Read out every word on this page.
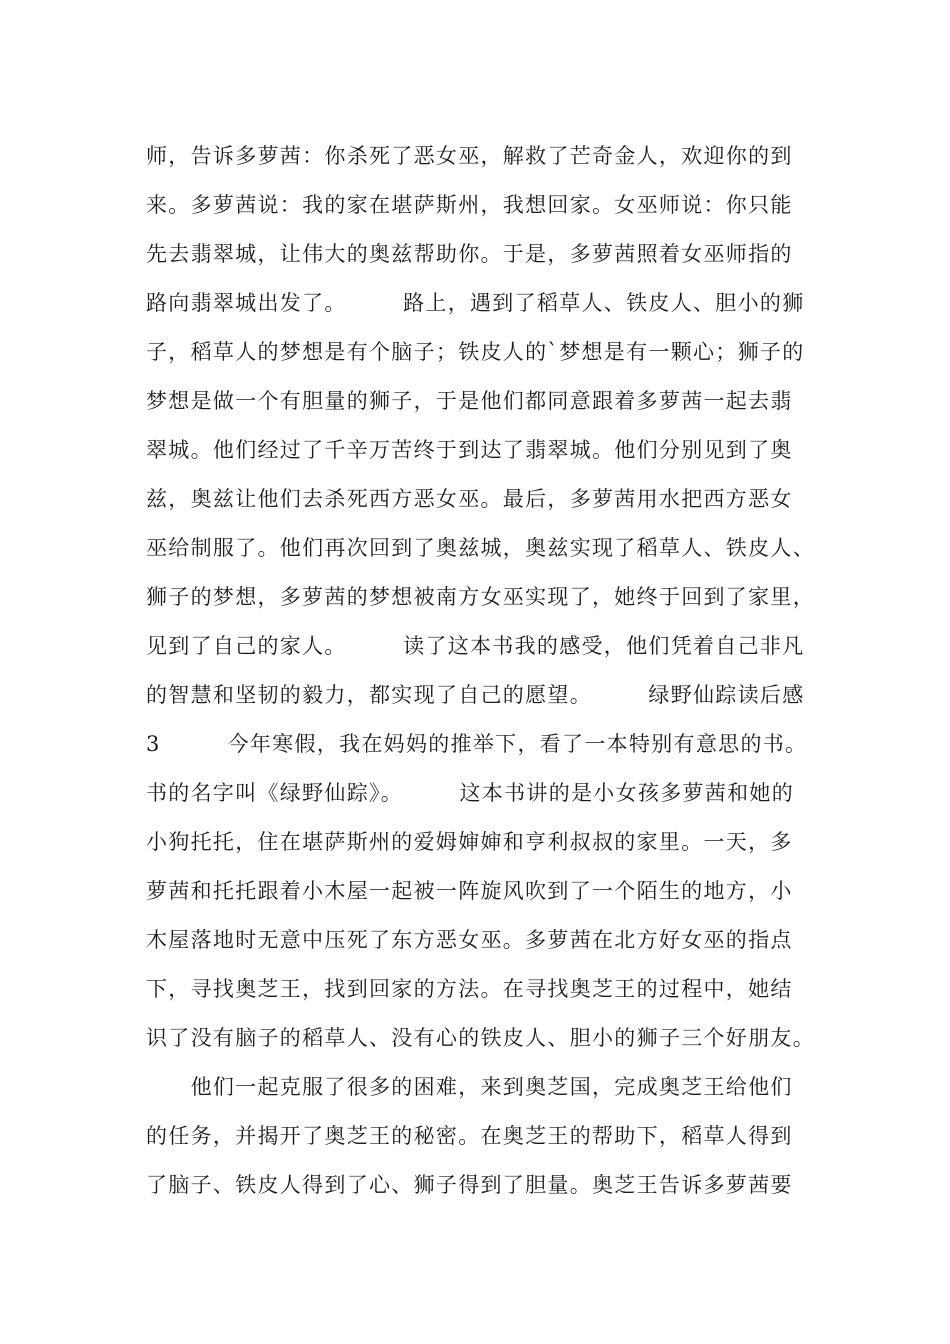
师，告诉多萝茜：你杀死了恶女巫，解救了芒奇金人，欢迎你的到
来。多萝茜说：我的家在堪萨斯州，我想回家。女巫师说：你只能
先去翡翠城，让伟大的奥兹帮助你。于是，多萝茜照着女巫师指的
路向翡翠城出发了。　　　路上，遇到了稻草人、铁皮人、胆小的狮
子，稻草人的梦想是有个脑子；铁皮人的`梦想是有一颗心；狮子的
梦想是做一个有胆量的狮子，于是他们都同意跟着多萝茜一起去翡
翠城。他们经过了千辛万苦终于到达了翡翠城。他们分别见到了奥
兹，奥兹让他们去杀死西方恶女巫。最后，多萝茜用水把西方恶女
巫给制服了。他们再次回到了奥兹城，奥兹实现了稻草人、铁皮人、
狮子的梦想，多萝茜的梦想被南方女巫实现了，她终于回到了家里，
见到了自己的家人。　　　读了这本书我的感受，他们凭着自己非凡
的智慧和坚韧的毅力，都实现了自己的愿望。　　　绿野仙踪读后感
3　　　今年寒假，我在妈妈的推举下，看了一本特别有意思的书。
书的名字叫《绿野仙踪》。　　　这本书讲的是小女孩多萝茜和她的
小狗托托，住在堪萨斯州的爱姆婶婶和亨利叔叔的家里。一天，多
萝茜和托托跟着小木屋一起被一阵旋风吹到了一个陌生的地方，小
木屋落地时无意中压死了东方恶女巫。多萝茜在北方好女巫的指点
下，寻找奥芝王，找到回家的方法。在寻找奥芝王的过程中，她结
识了没有脑子的稻草人、没有心的铁皮人、胆小的狮子三个好朋友。
　　他们一起克服了很多的困难，来到奥芝国，完成奥芝王给他们
的任务，并揭开了奥芝王的秘密。在奥芝王的帮助下，稻草人得到
了脑子、铁皮人得到了心、狮子得到了胆量。奥芝王告诉多萝茜要
